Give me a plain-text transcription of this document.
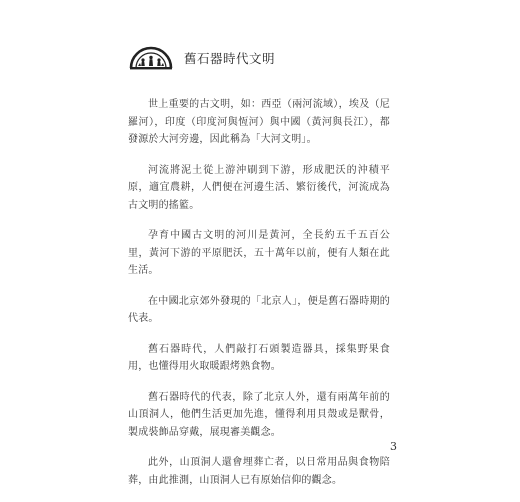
舊石器時代文明

世上重要的古文明，如：西亞（兩河流域），埃及（尼羅河），印度（印度河與恆河）與中國（黃河與長江），都發源於大河旁邊，因此稱為「大河文明」。

河流將泥土從上游沖刷到下游，形成肥沃的沖積平原，適宜農耕，人們便在河邊生活、繁衍後代，河流成為古文明的搖籃。

孕育中國古文明的河川是黃河，全長約五千五百公里，黃河下游的平原肥沃，五十萬年以前，便有人類在此生活。

在中國北京郊外發現的「北京人」，便是舊石器時期的代表。

舊石器時代，人們敲打石頭製造器具，採集野果食用，也懂得用火取暖跟烤熟食物。

舊石器時代的代表，除了北京人外，還有兩萬年前的山頂洞人，他們生活更加先進，懂得利用貝殼或是獸骨，製成裝飾品穿戴，展現審美觀念。

此外，山頂洞人還會埋葬亡者，以日常用品與食物陪葬，由此推測，山頂洞人已有原始信仰的觀念。

3
